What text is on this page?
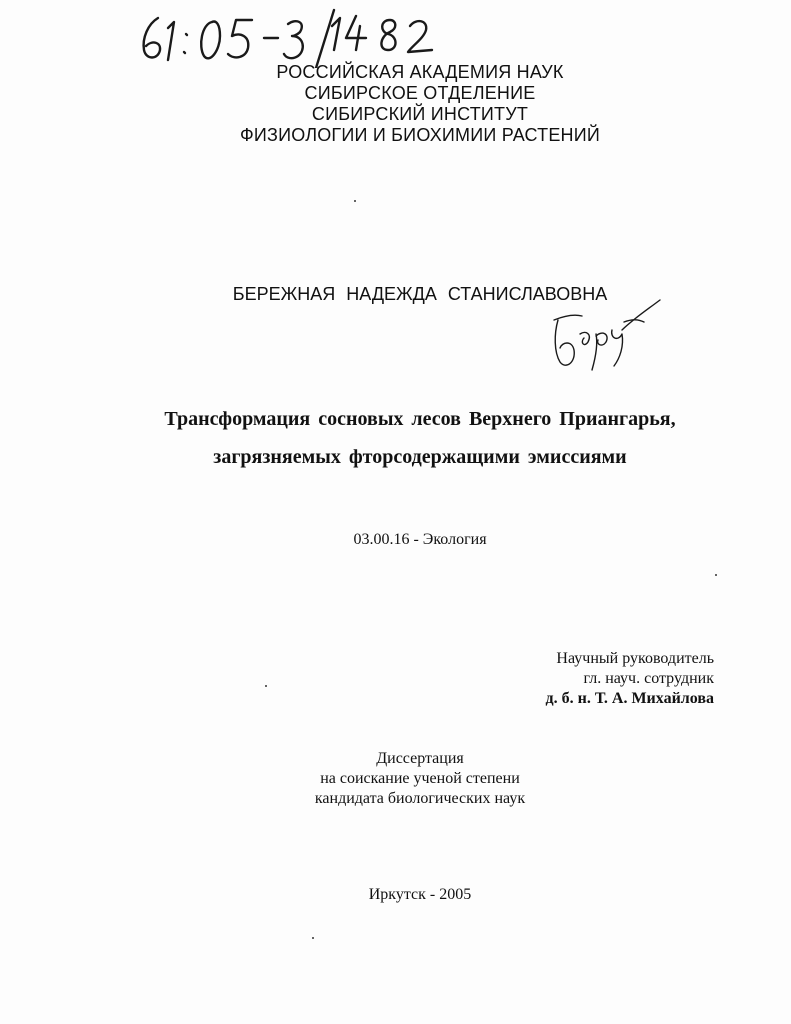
РОССИЙСКАЯ АКАДЕМИЯ НАУК
СИБИРСКОЕ ОТДЕЛЕНИЕ
СИБИРСКИЙ ИНСТИТУТ
ФИЗИОЛОГИИ И БИОХИМИИ РАСТЕНИЙ
БЕРЕЖНАЯ НАДЕЖДА СТАНИСЛАВОВНА
Трансформация сосновых лесов Верхнего Приангарья,
загрязняемых фторсодержащими эмиссиями
03.00.16 - Экология
Научный руководитель
гл. науч. сотрудник
д. б. н. Т. А. Михайлова
Диссертация
на соискание ученой степени
кандидата биологических наук
Иркутск - 2005
